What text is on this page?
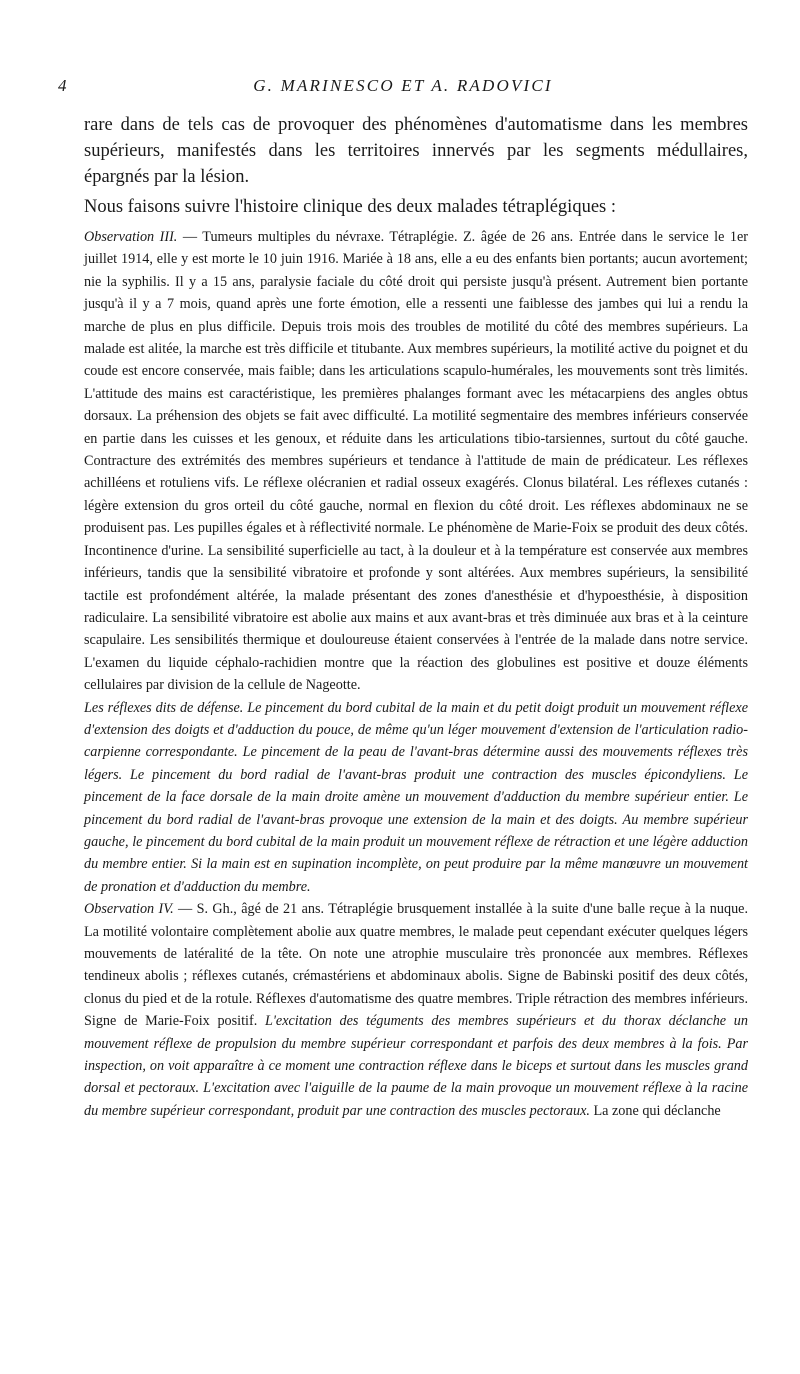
4	G. MARINESCO ET A. RADOVICI

rare dans de tels cas de provoquer des phénomènes d'automatisme dans les membres supérieurs, manifestés dans les territoires innervés par les segments médullaires, épargnés par la lésion.

Nous faisons suivre l'histoire clinique des deux malades tétraplégiques :

Observation III. — Tumeurs multiples du névraxe. Tétraplégie. Z. âgée de 26 ans. Entrée dans le service le 1er juillet 1914, elle y est morte le 10 juin 1916. Mariée à 18 ans, elle a eu des enfants bien portants; aucun avortement; nie la syphilis. Il y a 15 ans, paralysie faciale du côté droit qui persiste jusqu'à présent. Autrement bien portante jusqu'à il y a 7 mois, quand après une forte émotion, elle a ressenti une faiblesse des jambes qui lui a rendu la marche de plus en plus difficile. Depuis trois mois des troubles de motilité du côté des membres supérieurs. La malade est alitée, la marche est très difficile et titubante. Aux membres supérieurs, la motilité active du poignet et du coude est encore conservée, mais faible; dans les articulations scapulo-humérales, les mouvements sont très limités. L'attitude des mains est caractéristique, les premières phalanges formant avec les métacarpiens des angles obtus dorsaux. La préhension des objets se fait avec difficulté. La motilité segmentaire des membres inférieurs conservée en partie dans les cuisses et les genoux, et réduite dans les articulations tibio-tarsiennes, surtout du côté gauche. Contracture des extrémités des membres supérieurs et tendance à l'attitude de main de prédicateur. Les réflexes achilléens et rotuliens vifs. Le réflexe olécranien et radial osseux exagérés. Clonus bilatéral. Les réflexes cutanés : légère extension du gros orteil du côté gauche, normal en flexion du côté droit. Les réflexes abdominaux ne se produisent pas. Les pupilles égales et à réflectivité normale. Le phénomène de Marie-Foix se produit des deux côtés. Incontinence d'urine. La sensibilité superficielle au tact, à la douleur et à la température est conservée aux membres inférieurs, tandis que la sensibilité vibratoire et profonde y sont altérées. Aux membres supérieurs, la sensibilité tactile est profondément altérée, la malade présentant des zones d'anesthésie et d'hypoesthésie, à disposition radiculaire. La sensibilité vibratoire est abolie aux mains et aux avant-bras et très diminuée aux bras et à la ceinture scapulaire. Les sensibilités thermique et douloureuse étaient conservées à l'entrée de la malade dans notre service. L'examen du liquide céphalo-rachidien montre que la réaction des globulines est positive et douze éléments cellulaires par division de la cellule de Nageotte.

Les réflexes dits de défense. Le pincement du bord cubital de la main et du petit doigt produit un mouvement réflexe d'extension des doigts et d'adduction du pouce, de même qu'un léger mouvement d'extension de l'articulation radio-carpienne correspondante. Le pincement de la peau de l'avant-bras détermine aussi des mouvements réflexes très légers. Le pincement du bord radial de l'avant-bras produit une contraction des muscles épicondyliens. Le pincement de la face dorsale de la main droite amène un mouvement d'adduction du membre supérieur entier. Le pincement du bord radial de l'avant-bras provoque une extension de la main et des doigts. Au membre supérieur gauche, le pincement du bord cubital de la main produit un mouvement réflexe de rétraction et une légère adduction du membre entier. Si la main est en supination incomplète, on peut produire par la même manœuvre un mouvement de pronation et d'adduction du membre.

Observation IV. — S. Gh., âgé de 21 ans. Tétraplégie brusquement installée à la suite d'une balle reçue à la nuque. La motilité volontaire complètement abolie aux quatre membres, le malade peut cependant exécuter quelques légers mouvements de latéralité de la tête. On note une atrophie musculaire très prononcée aux membres. Réflexes tendineux abolis ; réflexes cutanés, crémastériens et abdominaux abolis. Signe de Babinski positif des deux côtés, clonus du pied et de la rotule. Réflexes d'automatisme des quatre membres. Triple rétraction des membres inférieurs. Signe de Marie-Foix positif. L'excitation des téguments des membres supérieurs et du thorax déclanche un mouvement réflexe de propulsion du membre supérieur correspondant et parfois des deux membres à la fois. Par inspection, on voit apparaître à ce moment une contraction réflexe dans le biceps et surtout dans les muscles grand dorsal et pectoraux. L'excitation avec l'aiguille de la paume de la main provoque un mouvement réflexe à la racine du membre supérieur correspondant, produit par une contraction des muscles pectoraux. La zone qui déclanche
